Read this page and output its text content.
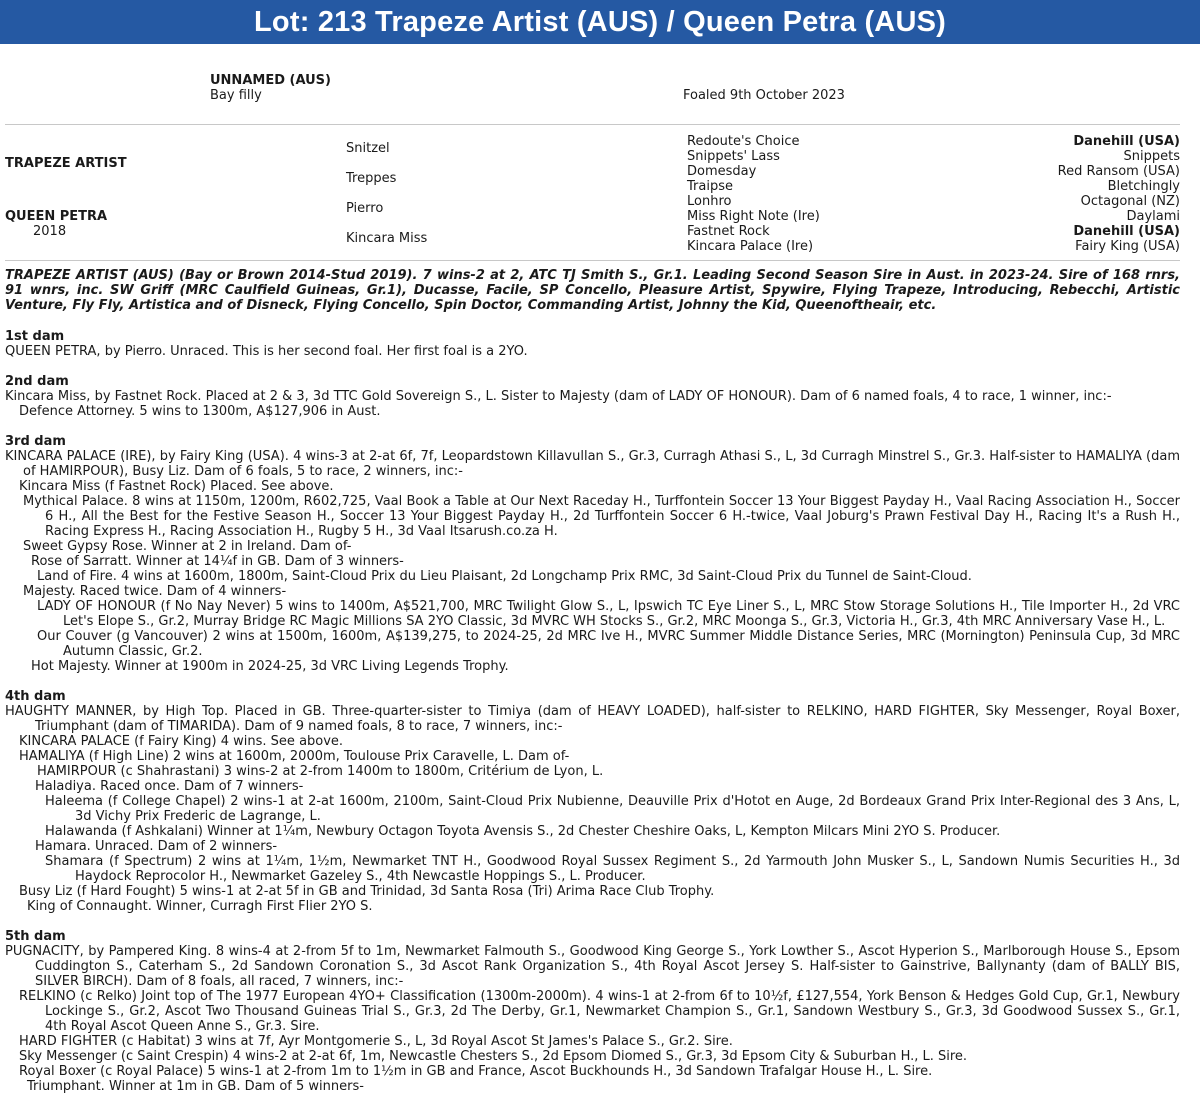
Lot: 213 Trapeze Artist (AUS) / Queen Petra (AUS)
UNNAMED (AUS)
Bay filly	Foaled 9th October 2023
TRAPEZE ARTIST
QUEEN PETRA
2018
Snitzel
Treppes
Pierro
Kincara Miss
Redoute's Choice
Snippets' Lass
Domesday
Traipse
Lonhro
Miss Right Note (Ire)
Fastnet Rock
Kincara Palace (Ire)
Danehill (USA)
Snippets
Red Ransom (USA)
Bletchingly
Octagonal (NZ)
Daylami
Danehill (USA)
Fairy King (USA)
TRAPEZE ARTIST (AUS) (Bay or Brown 2014-Stud 2019). 7 wins-2 at 2, ATC TJ Smith S., Gr.1. Leading Second Season Sire in Aust. in 2023-24. Sire of 168 rnrs, 91 wnrs, inc. SW Griff (MRC Caulfield Guineas, Gr.1), Ducasse, Facile, SP Concello, Pleasure Artist, Spywire, Flying Trapeze, Introducing, Rebecchi, Artistic Venture, Fly Fly, Artistica and of Disneck, Flying Concello, Spin Doctor, Commanding Artist, Johnny the Kid, Queenoftheair, etc.
1st dam

QUEEN PETRA, by Pierro. Unraced. This is her second foal. Her first foal is a 2YO.

2nd dam

Kincara Miss, by Fastnet Rock. Placed at 2 & 3, 3d TTC Gold Sovereign S., L. Sister to Majesty (dam of LADY OF HONOUR). Dam of 6 named foals, 4 to race, 1 winner, inc:-

Defence Attorney. 5 wins to 1300m, A$127,906 in Aust.

3rd dam

KINCARA PALACE (IRE), by Fairy King (USA). 4 wins-3 at 2-at 6f, 7f, Leopardstown Killavullan S., Gr.3, Curragh Athasi S., L, 3d Curragh Minstrel S., Gr.3. Half-sister to HAMALIYA (dam of HAMIRPOUR), Busy Liz. Dam of 6 foals, 5 to race, 2 winners, inc:-

Kincara Miss (f Fastnet Rock) Placed. See above.

Mythical Palace. 8 wins at 1150m, 1200m, R602,725, Vaal Book a Table at Our Next Raceday H., Turffontein Soccer 13 Your Biggest Payday H., Vaal Racing Association H., Soccer 6 H., All the Best for the Festive Season H., Soccer 13 Your Biggest Payday H., 2d Turffontein Soccer 6 H.-twice, Vaal Joburg's Prawn Festival Day H., Racing It's a Rush H., Racing Express H., Racing Association H., Rugby 5 H., 3d Vaal Itsarush.co.za H.

Sweet Gypsy Rose. Winner at 2 in Ireland. Dam of-

Rose of Sarratt. Winner at 14¼f in GB. Dam of 3 winners-

Land of Fire. 4 wins at 1600m, 1800m, Saint-Cloud Prix du Lieu Plaisant, 2d Longchamp Prix RMC, 3d Saint-Cloud Prix du Tunnel de Saint-Cloud.

Majesty. Raced twice. Dam of 4 winners-

LADY OF HONOUR (f No Nay Never) 5 wins to 1400m, A$521,700, MRC Twilight Glow S., L, Ipswich TC Eye Liner S., L, MRC Stow Storage Solutions H., Tile Importer H., 2d VRC Let's Elope S., Gr.2, Murray Bridge RC Magic Millions SA 2YO Classic, 3d MVRC WH Stocks S., Gr.2, MRC Moonga S., Gr.3, Victoria H., Gr.3, 4th MRC Anniversary Vase H., L.

Our Couver (g Vancouver) 2 wins at 1500m, 1600m, A$139,275, to 2024-25, 2d MRC Ive H., MVRC Summer Middle Distance Series, MRC (Mornington) Peninsula Cup, 3d MRC Autumn Classic, Gr.2.

Hot Majesty. Winner at 1900m in 2024-25, 3d VRC Living Legends Trophy.

4th dam

HAUGHTY MANNER, by High Top. Placed in GB. Three-quarter-sister to Timiya (dam of HEAVY LOADED), half-sister to RELKINO, HARD FIGHTER, Sky Messenger, Royal Boxer, Triumphant (dam of TIMARIDA). Dam of 9 named foals, 8 to race, 7 winners, inc:-

KINCARA PALACE (f Fairy King) 4 wins. See above.

HAMALIYA (f High Line) 2 wins at 1600m, 2000m, Toulouse Prix Caravelle, L. Dam of-

HAMIRPOUR (c Shahrastani) 3 wins-2 at 2-from 1400m to 1800m, Critérium de Lyon, L.

Haladiya. Raced once. Dam of 7 winners-

Haleema (f College Chapel) 2 wins-1 at 2-at 1600m, 2100m, Saint-Cloud Prix Nubienne, Deauville Prix d'Hotot en Auge, 2d Bordeaux Grand Prix Inter-Regional des 3 Ans, L, 3d Vichy Prix Frederic de Lagrange, L.

Halawanda (f Ashkalani) Winner at 1¼m, Newbury Octagon Toyota Avensis S., 2d Chester Cheshire Oaks, L, Kempton Milcars Mini 2YO S. Producer.

Hamara. Unraced. Dam of 2 winners-

Shamara (f Spectrum) 2 wins at 1¼m, 1½m, Newmarket TNT H., Goodwood Royal Sussex Regiment S., 2d Yarmouth John Musker S., L, Sandown Numis Securities H., 3d Haydock Reprocolor H., Newmarket Gazeley S., 4th Newcastle Hoppings S., L. Producer.

Busy Liz (f Hard Fought) 5 wins-1 at 2-at 5f in GB and Trinidad, 3d Santa Rosa (Tri) Arima Race Club Trophy.

King of Connaught. Winner, Curragh First Flier 2YO S.

5th dam

PUGNACITY, by Pampered King. 8 wins-4 at 2-from 5f to 1m, Newmarket Falmouth S., Goodwood King George S., York Lowther S., Ascot Hyperion S., Marlborough House S., Epsom Cuddington S., Caterham S., 2d Sandown Coronation S., 3d Ascot Rank Organization S., 4th Royal Ascot Jersey S. Half-sister to Gainstrive, Ballynanty (dam of BALLY BIS, SILVER BIRCH). Dam of 8 foals, all raced, 7 winners, inc:-

RELKINO (c Relko) Joint top of The 1977 European 4YO+ Classification (1300m-2000m). 4 wins-1 at 2-from 6f to 10½f, £127,554, York Benson & Hedges Gold Cup, Gr.1, Newbury Lockinge S., Gr.2, Ascot Two Thousand Guineas Trial S., Gr.3, 2d The Derby, Gr.1, Newmarket Champion S., Gr.1, Sandown Westbury S., Gr.3, 3d Goodwood Sussex S., Gr.1, 4th Royal Ascot Queen Anne S., Gr.3. Sire.

HARD FIGHTER (c Habitat) 3 wins at 7f, Ayr Montgomerie S., L, 3d Royal Ascot St James's Palace S., Gr.2. Sire.

Sky Messenger (c Saint Crespin) 4 wins-2 at 2-at 6f, 1m, Newcastle Chesters S., 2d Epsom Diomed S., Gr.3, 3d Epsom City & Suburban H., L. Sire.

Royal Boxer (c Royal Palace) 5 wins-1 at 2-from 1m to 1½m in GB and France, Ascot Buckhounds H., 3d Sandown Trafalgar House H., L. Sire.

Triumphant. Winner at 1m in GB. Dam of 5 winners-
